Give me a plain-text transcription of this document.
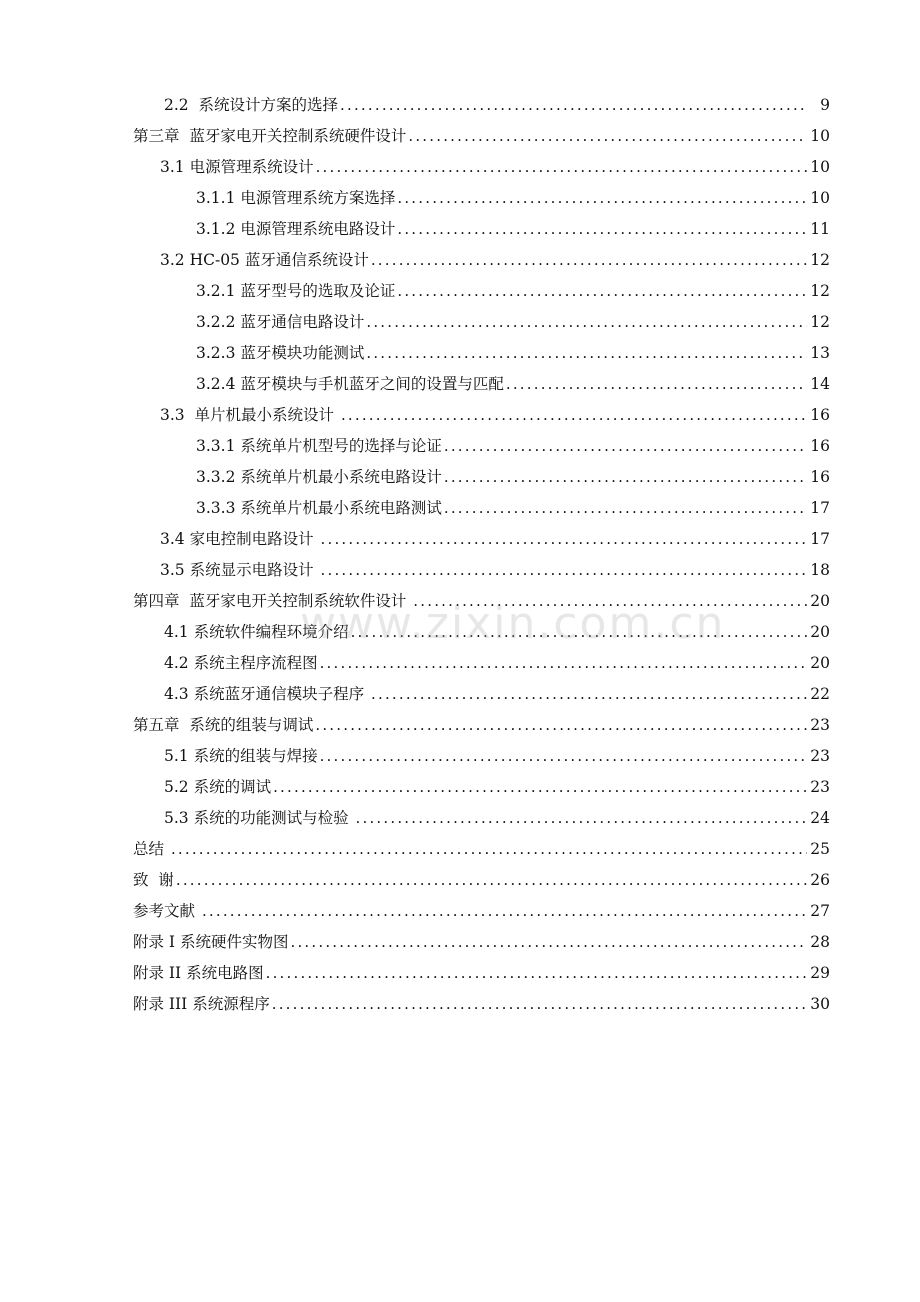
2.2  系统设计方案的选择 .....	9
第三章  蓝牙家电开关控制系统硬件设计 .....	10
3.1 电源管理系统设计 .....	10
3.1.1 电源管理系统方案选择 .....	10
3.1.2 电源管理系统电路设计 .....	11
3.2 HC-05 蓝牙通信系统设计 .....	12
3.2.1 蓝牙型号的选取及论证 .....	12
3.2.2 蓝牙通信电路设计 .....	12
3.2.3 蓝牙模块功能测试 .....	13
3.2.4 蓝牙模块与手机蓝牙之间的设置与匹配 .....	14
3.3  单片机最小系统设计 .....	16
3.3.1 系统单片机型号的选择与论证 .....	16
3.3.2 系统单片机最小系统电路设计 .....	16
3.3.3 系统单片机最小系统电路测试 .....	17
3.4 家电控制电路设计 .....	17
3.5 系统显示电路设计 .....	18
第四章  蓝牙家电开关控制系统软件设计 .....	20
4.1 系统软件编程环境介绍 .....	20
4.2 系统主程序流程图 .....	20
4.3 系统蓝牙通信模块子程序 .....	22
第五章  系统的组装与调试 .....	23
5.1 系统的组装与焊接 .....	23
5.2 系统的调试 .....	23
5.3 系统的功能测试与检验 .....	24
总结 .....	25
致  谢 .....	26
参考文献 .....	27
附录 I 系统硬件实物图 .....	28
附录 II 系统电路图 .....	29
附录 III 系统源程序 .....	30
www.zixin.com.cn
